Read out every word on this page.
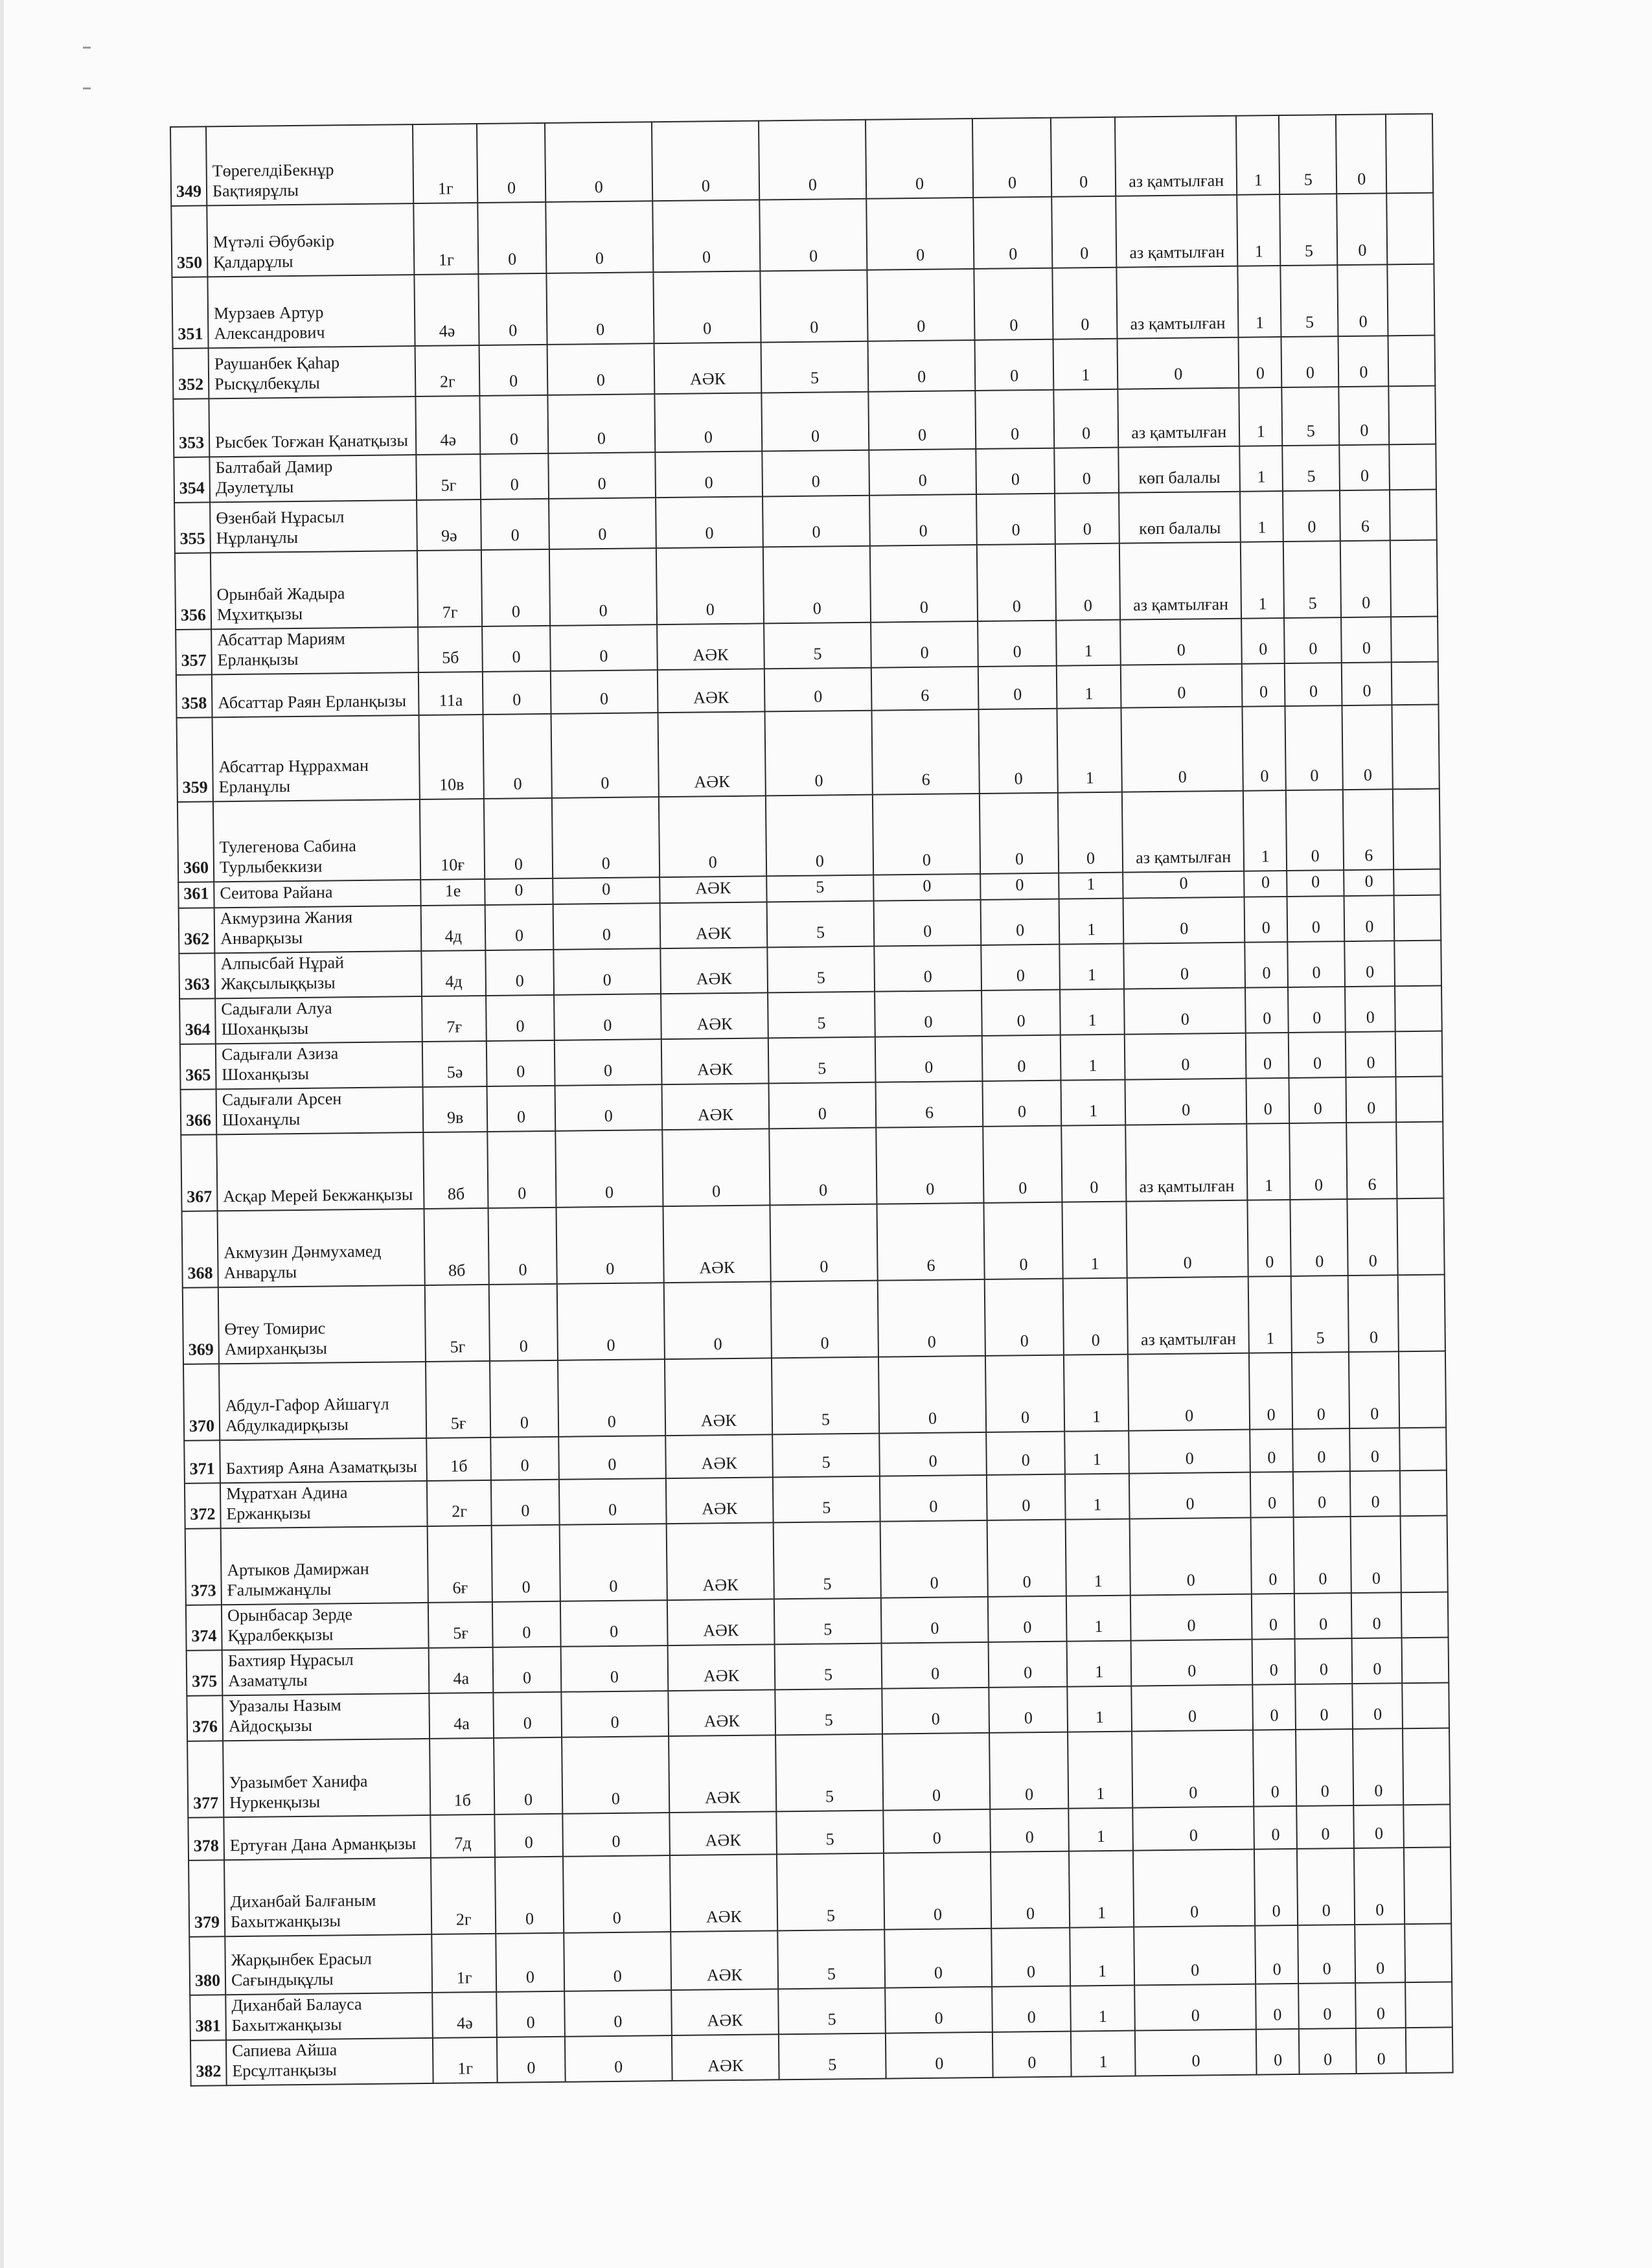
349	ТөрегелдіБекнұр Бақтиярұлы	1г	0	0	0	0	0	0	0	аз қамтылған	1	5	0	
350	Мүтәлі Әбубәкір Қалдарұлы	1г	0	0	0	0	0	0	0	аз қамтылған	1	5	0	
351	Мурзаев Артур Александрович	4ә	0	0	0	0	0	0	0	аз қамтылған	1	5	0	
352	Раушанбек Қаһар Рысқұлбекұлы	2г	0	0	АӘК	5	0	0	1	0	0	0	0	
353	Рысбек Тоғжан Қанатқызы	4ә	0	0	0	0	0	0	0	аз қамтылған	1	5	0	
354	Балтабай Дамир Дәулетұлы	5г	0	0	0	0	0	0	0	көп балалы	1	5	0	
355	Өзенбай Нұрасыл Нұрланұлы	9ә	0	0	0	0	0	0	0	көп балалы	1	0	6	
356	Орынбай Жадыра Мұхитқызы	7г	0	0	0	0	0	0	0	аз қамтылған	1	5	0	
357	Абсаттар Мариям Ерланқызы	5б	0	0	АӘК	5	0	0	1	0	0	0	0	
358	Абсаттар Раян Ерланқызы	11а	0	0	АӘК	0	6	0	1	0	0	0	0	
359	Абсаттар Нұррахман Ерланұлы	10в	0	0	АӘК	0	6	0	1	0	0	0	0	
360	Тулегенова Сабина Турлыбеккизи	10ғ	0	0	0	0	0	0	0	аз қамтылған	1	0	6	
361	Сеитова Райана	1е	0	0	АӘК	5	0	0	1	0	0	0	0	
362	Акмурзина Жания Анварқызы	4д	0	0	АӘК	5	0	0	1	0	0	0	0	
363	Алпысбай Нұрай Жақсылыққызы	4д	0	0	АӘК	5	0	0	1	0	0	0	0	
364	Садығали Алуа Шоханқызы	7ғ	0	0	АӘК	5	0	0	1	0	0	0	0	
365	Садығали Азиза Шоханқызы	5ә	0	0	АӘК	5	0	0	1	0	0	0	0	
366	Садығали Арсен Шоханұлы	9в	0	0	АӘК	0	6	0	1	0	0	0	0	
367	Асқар Мерей Бекжанқызы	8б	0	0	0	0	0	0	0	аз қамтылған	1	0	6	
368	Акмузин Дәнмухамед Анварұлы	8б	0	0	АӘК	0	6	0	1	0	0	0	0	
369	Өтеу Томирис Амирханқызы	5г	0	0	0	0	0	0	0	аз қамтылған	1	5	0	
370	Абдул-Гафор Айшагүл Абдулкадирқызы	5ғ	0	0	АӘК	5	0	0	1	0	0	0	0	
371	Бахтияр Аяна Азаматқызы	1б	0	0	АӘК	5	0	0	1	0	0	0	0	
372	Мұратхан Адина Ержанқызы	2г	0	0	АӘК	5	0	0	1	0	0	0	0	
373	Артыков Дамиржан Ғалымжанұлы	6ғ	0	0	АӘК	5	0	0	1	0	0	0	0	
374	Орынбасар Зерде Құралбекқызы	5ғ	0	0	АӘК	5	0	0	1	0	0	0	0	
375	Бахтияр Нұрасыл Азаматұлы	4а	0	0	АӘК	5	0	0	1	0	0	0	0	
376	Уразалы Назым Айдосқызы	4а	0	0	АӘК	5	0	0	1	0	0	0	0	
377	Уразымбет Ханифа Нуркенқызы	1б	0	0	АӘК	5	0	0	1	0	0	0	0	
378	Ертуған Дана Арманқызы	7д	0	0	АӘК	5	0	0	1	0	0	0	0	
379	Диханбай Балғаным Бахытжанқызы	2г	0	0	АӘК	5	0	0	1	0	0	0	0	
380	Жарқынбек Ерасыл Сағындықұлы	1г	0	0	АӘК	5	0	0	1	0	0	0	0	
381	Диханбай Балауса Бахытжанқызы	4ә	0	0	АӘК	5	0	0	1	0	0	0	0	
382	Сапиева Айша Ерсұлтанқызы	1г	0	0	АӘК	5	0	0	1	0	0	0	0	
